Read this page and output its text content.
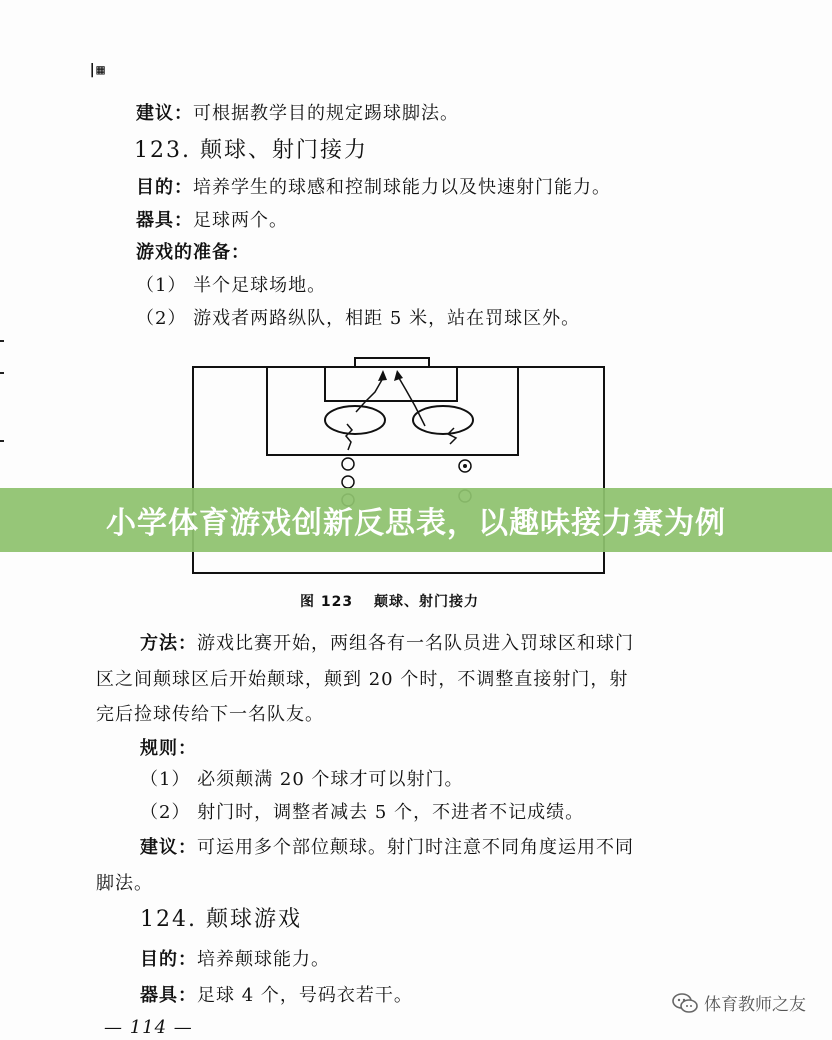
|▦
建议：可根据教学目的规定踢球脚法。
123. 颠球、射门接力
目的：培养学生的球感和控制球能力以及快速射门能力。
器具：足球两个。
游戏的准备：
（1） 半个足球场地。
（2） 游戏者两路纵队，相距 5 米，站在罚球区外。
图 123　 颠球、射门接力
方法：游戏比赛开始，两组各有一名队员进入罚球区和球门
区之间颠球区后开始颠球，颠到 20 个时，不调整直接射门，射
完后捡球传给下一名队友。
规则：
（1） 必须颠满 20 个球才可以射门。
（2） 射门时，调整者减去 5 个，不进者不记成绩。
建议：可运用多个部位颠球。射门时注意不同角度运用不同
脚法。
124. 颠球游戏
目的：培养颠球能力。
器具：足球 4 个，号码衣若干。
— 114 —
小学体育游戏创新反思表，以趣味接力赛为例
体育教师之友
